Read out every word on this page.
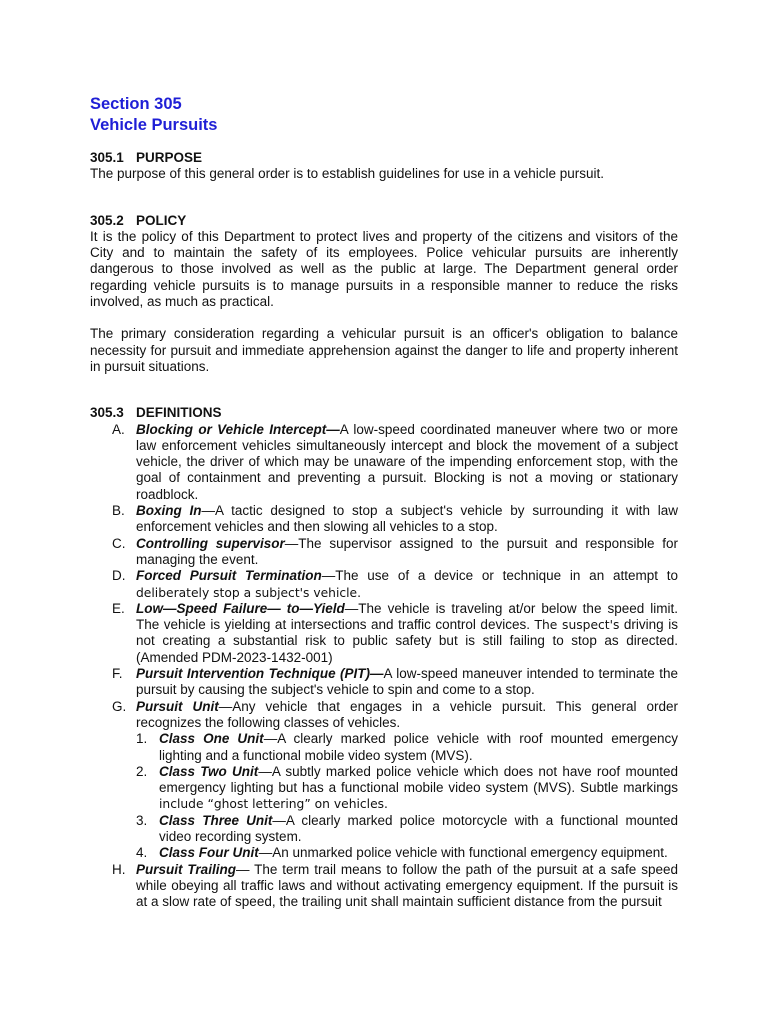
Section 305
Vehicle Pursuits
305.1 PURPOSE

The purpose of this general order is to establish guidelines for use in a vehicle pursuit.

305.2 POLICY

It is the policy of this Department to protect lives and property of the citizens and visitors of the City and to maintain the safety of its employees. Police vehicular pursuits are inherently dangerous to those involved as well as the public at large. The Department general order regarding vehicle pursuits is to manage pursuits in a responsible manner to reduce the risks involved, as much as practical.

The primary consideration regarding a vehicular pursuit is an officer's obligation to balance necessity for pursuit and immediate apprehension against the danger to life and property inherent in pursuit situations.

305.3 DEFINITIONS
A. Blocking or Vehicle Intercept—A low-speed coordinated maneuver where two or more law enforcement vehicles simultaneously intercept and block the movement of a subject vehicle, the driver of which may be unaware of the impending enforcement stop, with the goal of containment and preventing a pursuit. Blocking is not a moving or stationary roadblock.
B. Boxing In—A tactic designed to stop a subject's vehicle by surrounding it with law enforcement vehicles and then slowing all vehicles to a stop.
C. Controlling supervisor—The supervisor assigned to the pursuit and responsible for managing the event.
D. Forced Pursuit Termination—The use of a device or technique in an attempt to deliberately stop a subject's vehicle.
E. Low—Speed Failure— to—Yield—The vehicle is traveling at/or below the speed limit. The vehicle is yielding at intersections and traffic control devices. The suspect's driving is not creating a substantial risk to public safety but is still failing to stop as directed. (Amended PDM-2023-1432-001)
F. Pursuit Intervention Technique (PIT)—A low-speed maneuver intended to terminate the pursuit by causing the subject's vehicle to spin and come to a stop.
G. Pursuit Unit—Any vehicle that engages in a vehicle pursuit. This general order recognizes the following classes of vehicles.
1. Class One Unit—A clearly marked police vehicle with roof mounted emergency lighting and a functional mobile video system (MVS).
2. Class Two Unit—A subtly marked police vehicle which does not have roof mounted emergency lighting but has a functional mobile video system (MVS). Subtle markings include “ghost lettering” on vehicles.
3. Class Three Unit—A clearly marked police motorcycle with a functional mounted video recording system.
4. Class Four Unit—An unmarked police vehicle with functional emergency equipment.
H. Pursuit Trailing— The term trail means to follow the path of the pursuit at a safe speed while obeying all traffic laws and without activating emergency equipment. If the pursuit is at a slow rate of speed, the trailing unit shall maintain sufficient distance from the pursuit
